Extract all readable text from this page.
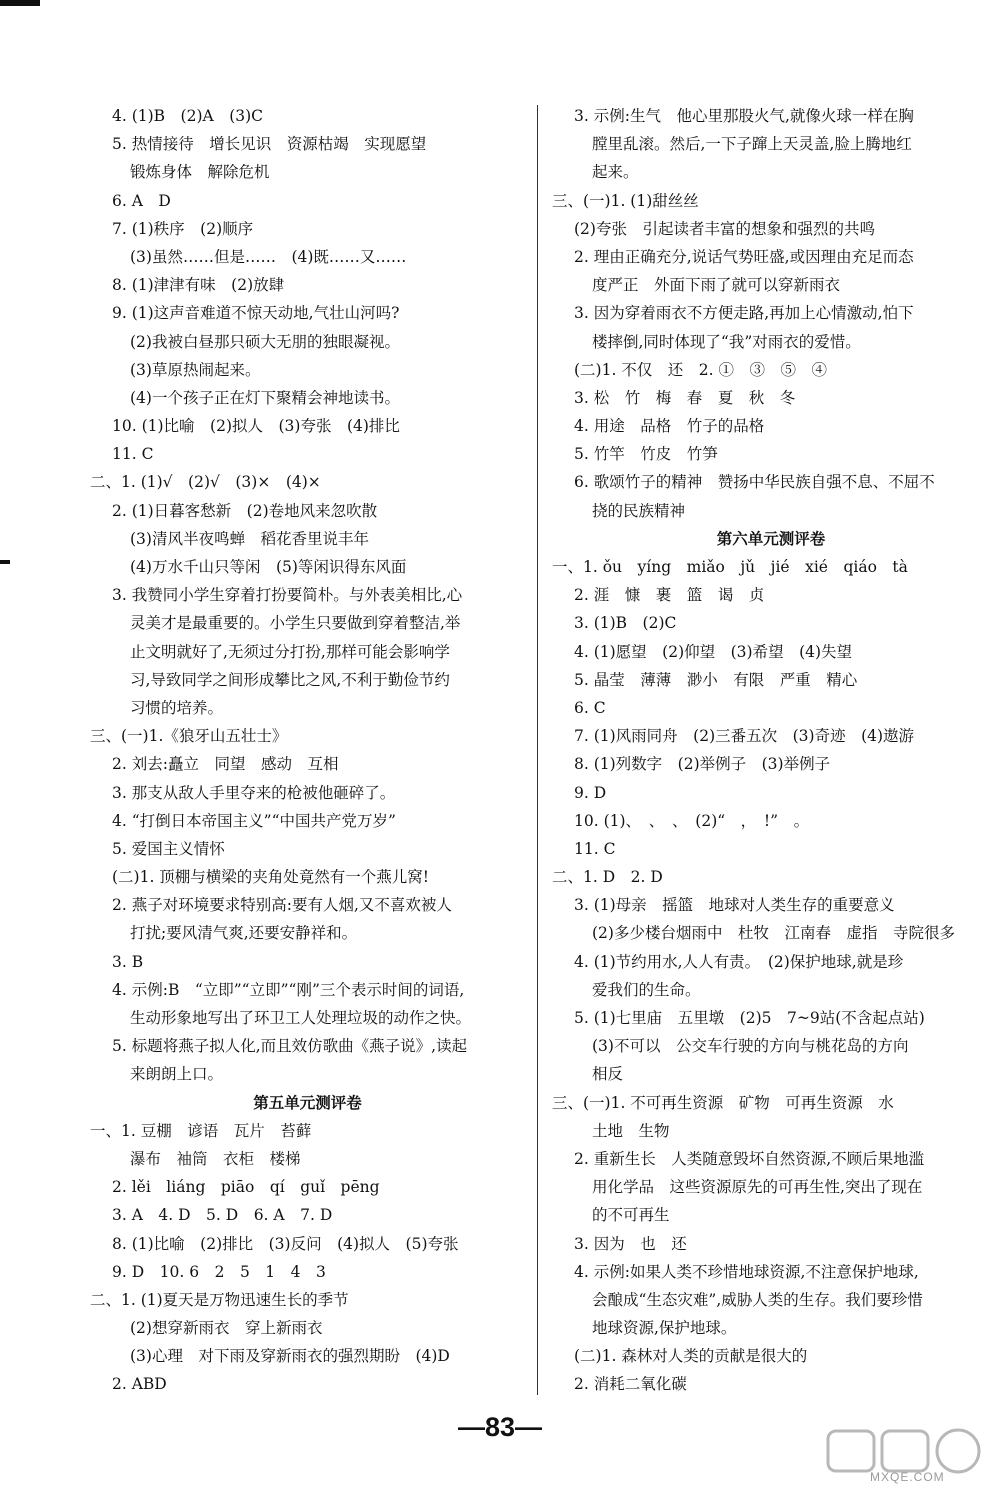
4. (1)B　(2)A　(3)C
5. 热情接待　增长见识　资源枯竭　实现愿望
锻炼身体　解除危机
6. A　D
7. (1)秩序　(2)顺序
(3)虽然……但是……　(4)既……又……
8. (1)津津有味　(2)放肆
9. (1)这声音难道不惊天动地,气壮山河吗?
(2)我被白昼那只硕大无朋的独眼凝视。
(3)草原热闹起来。
(4)一个孩子正在灯下聚精会神地读书。
10. (1)比喻　(2)拟人　(3)夸张　(4)排比
11. C
二、1. (1)√　(2)√　(3)×　(4)×
2. (1)日暮客愁新　(2)卷地风来忽吹散
(3)清风半夜鸣蝉　稻花香里说丰年
(4)万水千山只等闲　(5)等闲识得东风面
3. 我赞同小学生穿着打扮要简朴。与外表美相比,心
灵美才是最重要的。小学生只要做到穿着整洁,举
止文明就好了,无须过分打扮,那样可能会影响学
习,导致同学之间形成攀比之风,不利于勤俭节约
习惯的培养。
三、(一)1.《狼牙山五壮士》
2. 刘去:矗立　同望　感动　互相
3. 那支从敌人手里夺来的枪被他砸碎了。
4. “打倒日本帝国主义”“中国共产党万岁”
5. 爱国主义情怀
(二)1. 顶棚与横梁的夹角处竟然有一个燕儿窝!
2. 燕子对环境要求特别高:要有人烟,又不喜欢被人
打扰;要风清气爽,还要安静祥和。
3. B
4. 示例:B　“立即”“立即”“刚”三个表示时间的词语,
生动形象地写出了环卫工人处理垃圾的动作之快。
5. 标题将燕子拟人化,而且效仿歌曲《燕子说》,读起
来朗朗上口。
第五单元测评卷
一、1. 豆棚　谚语　瓦片　苔藓
瀑布　袖筒　衣柜　楼梯
2. lěi　liáng　piāo　qí　guǐ　pēng
3. A　4. D　5. D　6. A　7. D
8. (1)比喻　(2)排比　(3)反问　(4)拟人　(5)夸张
9. D　10. 6　2　5　1　4　3
二、1. (1)夏天是万物迅速生长的季节
(2)想穿新雨衣　穿上新雨衣
(3)心理　对下雨及穿新雨衣的强烈期盼　(4)D
2. ABD
3. 示例:生气　他心里那股火气,就像火球一样在胸
膛里乱滚。然后,一下子蹿上天灵盖,脸上腾地红
起来。
三、(一)1. (1)甜丝丝
(2)夸张　引起读者丰富的想象和强烈的共鸣
2. 理由正确充分,说话气势旺盛,或因理由充足而态
度严正　外面下雨了就可以穿新雨衣
3. 因为穿着雨衣不方便走路,再加上心情激动,怕下
楼摔倒,同时体现了“我”对雨衣的爱惜。
(二)1. 不仅　还　2. ①　③　⑤　④
3. 松　竹　梅　春　夏　秋　冬
4. 用途　品格　竹子的品格
5. 竹竿　竹皮　竹笋
6. 歌颂竹子的精神　赞扬中华民族自强不息、不屈不
挠的民族精神
第六单元测评卷
一、1. ǒu　yíng　miǎo　jǔ　jié　xié　qiáo　tà
2. 涯　慷　裹　篮　谒　贞
3. (1)B　(2)C
4. (1)愿望　(2)仰望　(3)希望　(4)失望
5. 晶莹　薄薄　渺小　有限　严重　精心
6. C
7. (1)风雨同舟　(2)三番五次　(3)奇迹　(4)遨游
8. (1)列数字　(2)举例子　(3)举例子
9. D
10. (1)、　、　、　(2)“　，　!”　。
11. C
二、1. D　2. D
3. (1)母亲　摇篮　地球对人类生存的重要意义
(2)多少楼台烟雨中　杜牧　江南春　虚指　寺院很多
4. (1)节约用水,人人有责。　(2)保护地球,就是珍
爱我们的生命。
5. (1)七里庙　五里墩　(2)5　7~9站(不含起点站)
(3)不可以　公交车行驶的方向与桃花岛的方向
相反
三、(一)1. 不可再生资源　矿物　可再生资源　水
土地　生物
2. 重新生长　人类随意毁坏自然资源,不顾后果地滥
用化学品　这些资源原先的可再生性,突出了现在
的不可再生
3. 因为　也　还
4. 示例:如果人类不珍惜地球资源,不注意保护地球,
会酿成“生态灾难”,威胁人类的生存。我们要珍惜
地球资源,保护地球。
(二)1. 森林对人类的贡献是很大的
2. 消耗二氧化碳
—83—
MXQE.COM
